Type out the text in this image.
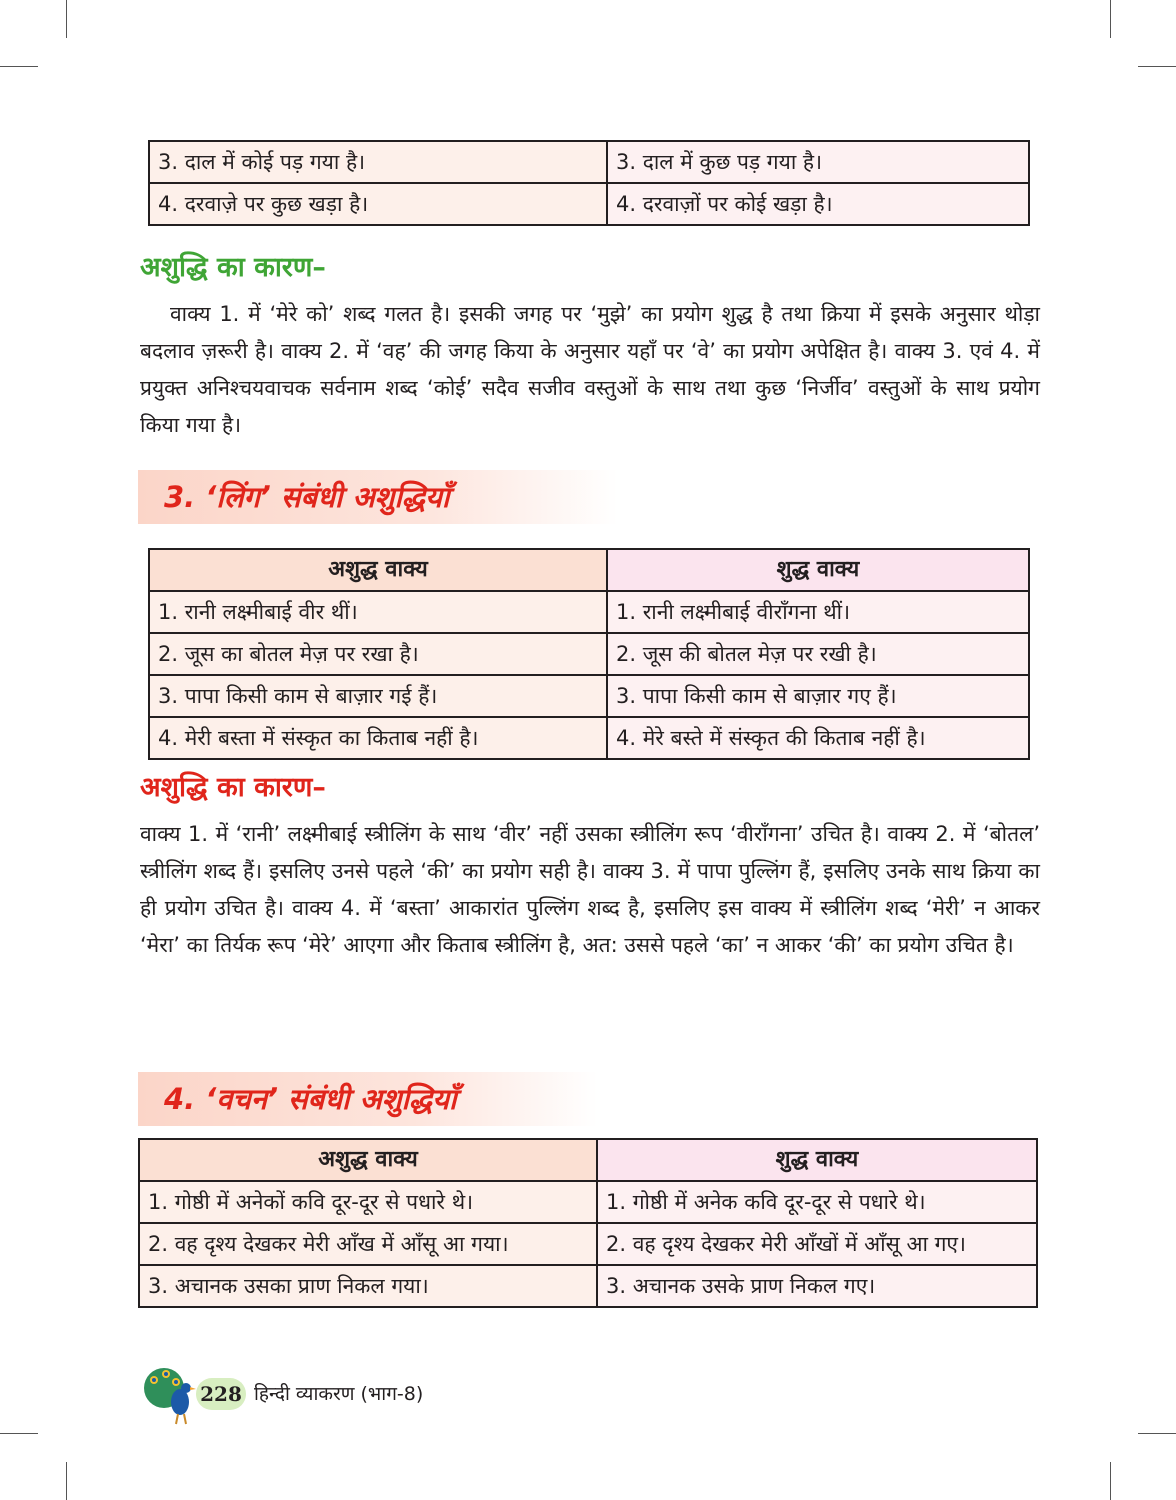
3. दाल में कोई पड़ गया है।	3. दाल में कुछ पड़ गया है।
4. दरवाज़े पर कुछ खड़ा है।	4. दरवाज़ों पर कोई खड़ा है।
अशुद्धि का कारण–

वाक्य 1. में ‘मेरे को’ शब्द गलत है। इसकी जगह पर ‘मुझे’ का प्रयोग शुद्ध है तथा क्रिया में इसके अनुसार थोड़ा बदलाव ज़रूरी है। वाक्य 2. में ‘वह’ की जगह किया के अनुसार यहाँ पर ‘वे’ का प्रयोग अपेक्षित है। वाक्य 3. एवं 4. में प्रयुक्त अनिश्चयवाचक सर्वनाम शब्द ‘कोई’ सदैव सजीव वस्तुओं के साथ तथा कुछ ‘निर्जीव’ वस्तुओं के साथ प्रयोग किया गया है।

3. ‘लिंग’ संबंधी अशुद्धियाँ
अशुद्ध वाक्य	शुद्ध वाक्य
1. रानी लक्ष्मीबाई वीर थीं।	1. रानी लक्ष्मीबाई वीराँगना थीं।
2. जूस का बोतल मेज़ पर रखा है।	2. जूस की बोतल मेज़ पर रखी है।
3. पापा किसी काम से बाज़ार गई हैं।	3. पापा किसी काम से बाज़ार गए हैं।
4. मेरी बस्ता में संस्कृत का किताब नहीं है।	4. मेरे बस्ते में संस्कृत की किताब नहीं है।
अशुद्धि का कारण–

वाक्य 1. में ‘रानी’ लक्ष्मीबाई स्त्रीलिंग के साथ ‘वीर’ नहीं उसका स्त्रीलिंग रूप ‘वीराँगना’ उचित है। वाक्य 2. में ‘बोतल’ स्त्रीलिंग शब्द हैं। इसलिए उनसे पहले ‘की’ का प्रयोग सही है। वाक्य 3. में पापा पुल्लिंग हैं, इसलिए उनके साथ क्रिया का ही प्रयोग उचित है। वाक्य 4. में ‘बस्ता’ आकारांत पुल्लिंग शब्द है, इसलिए इस वाक्य में स्त्रीलिंग शब्द ‘मेरी’ न आकर ‘मेरा’ का तिर्यक रूप ‘मेरे’ आएगा और किताब स्त्रीलिंग है, अत: उससे पहले ‘का’ न आकर ‘की’ का प्रयोग उचित है।

4. ‘वचन’ संबंधी अशुद्धियाँ
अशुद्ध वाक्य	शुद्ध वाक्य
1. गोष्ठी में अनेकों कवि दूर-दूर से पधारे थे।	1. गोष्ठी में अनेक कवि दूर-दूर से पधारे थे।
2. वह दृश्य देखकर मेरी आँख में आँसू आ गया।	2. वह दृश्य देखकर मेरी आँखों में आँसू आ गए।
3. अचानक उसका प्राण निकल गया।	3. अचानक उसके प्राण निकल गए।
228 हिन्दी व्याकरण (भाग-8)
